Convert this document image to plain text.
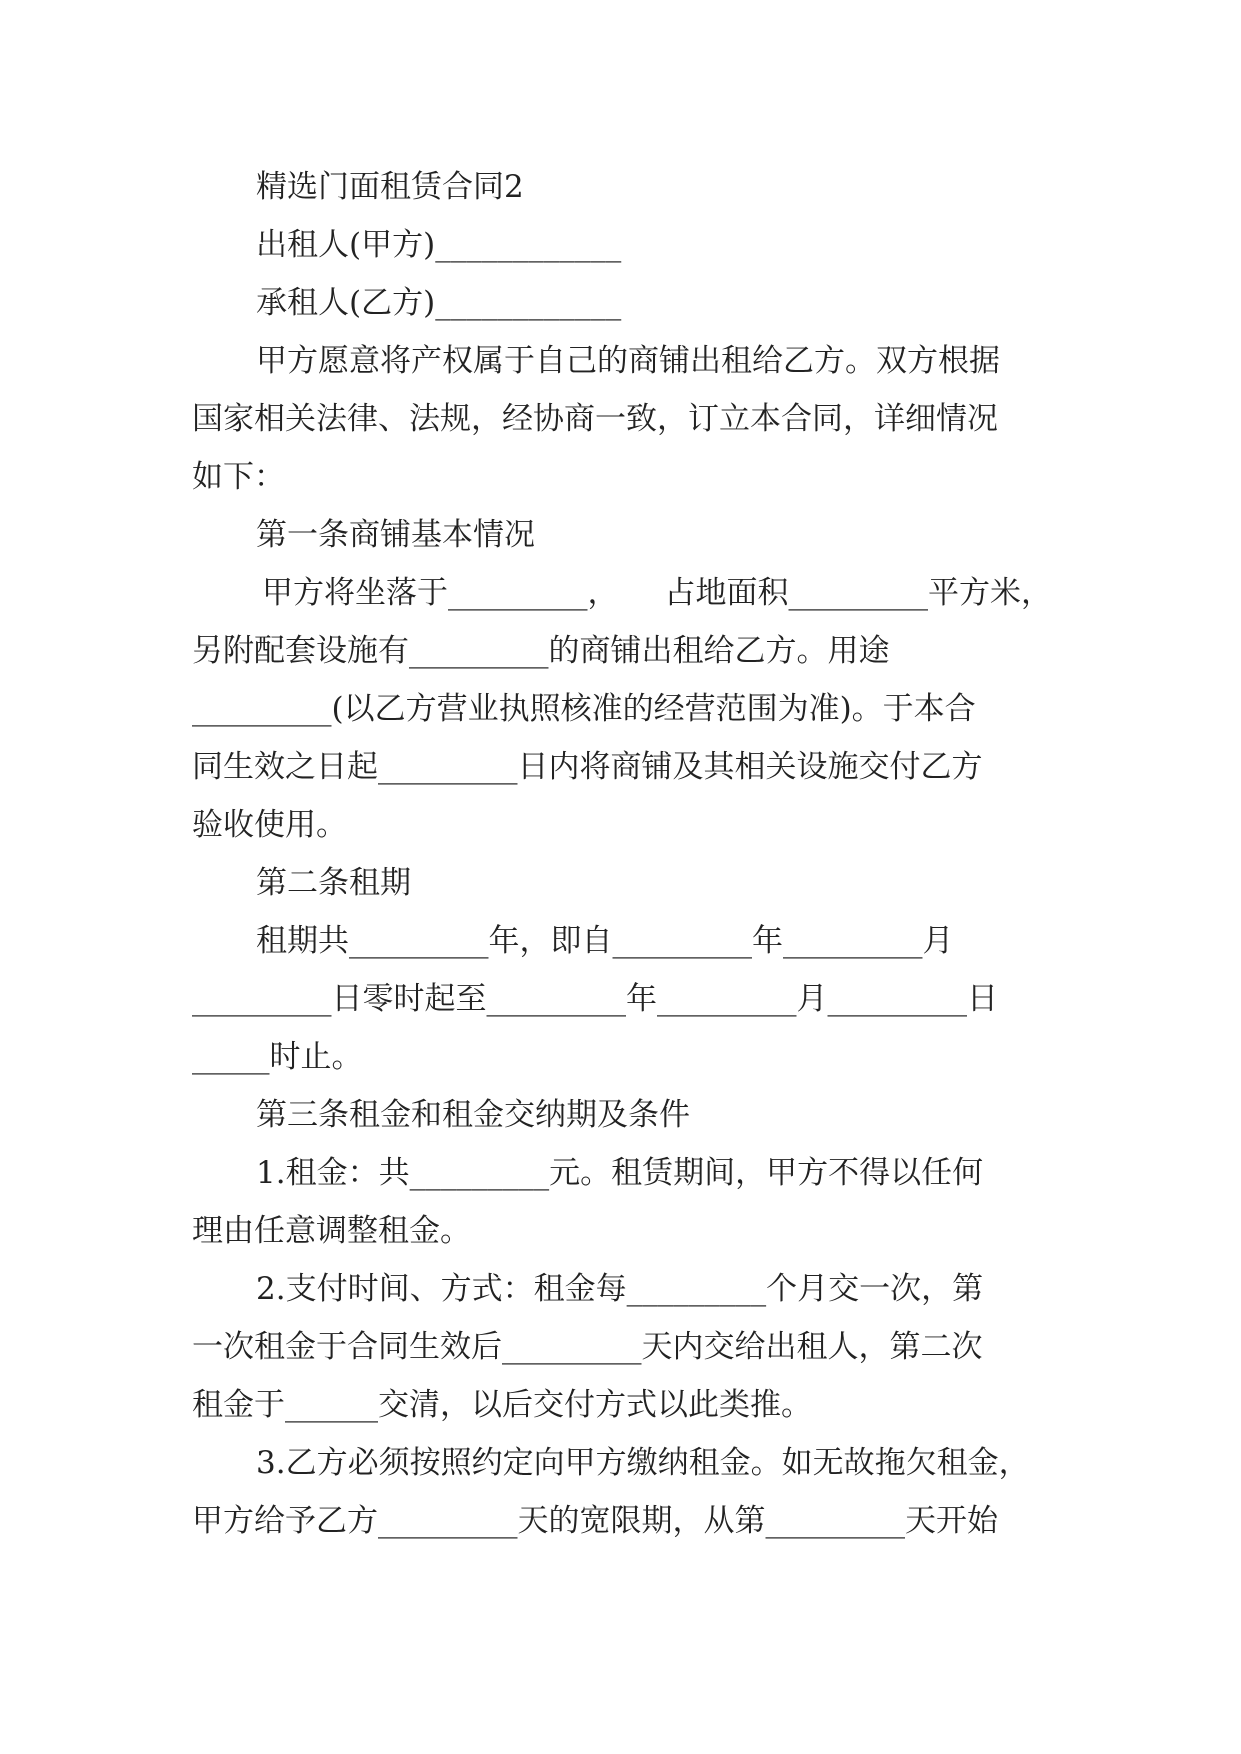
精选门面租赁合同2
出租人(甲方)____________
承租人(乙方)____________
甲方愿意将产权属于自己的商铺出租给乙方。双方根据
国家相关法律、法规，经协商一致，订立本合同，详细情况
如下：
第一条商铺基本情况
甲方将坐落于_________， 占地面积_________平方米，
另附配套设施有_________的商铺出租给乙方。用途
_________(以乙方营业执照核准的经营范围为准)。于本合
同生效之日起_________日内将商铺及其相关设施交付乙方
验收使用。
第二条租期
租期共_________年，即自_________年_________月
_________日零时起至_________年_________月_________日
_____时止。
第三条租金和租金交纳期及条件
1.租金：共_________元。租赁期间，甲方不得以任何
理由任意调整租金。
2.支付时间、方式：租金每_________个月交一次，第
一次租金于合同生效后_________天内交给出租人，第二次
租金于______交清，以后交付方式以此类推。
3.乙方必须按照约定向甲方缴纳租金。如无故拖欠租金，
甲方给予乙方_________天的宽限期，从第_________天开始
